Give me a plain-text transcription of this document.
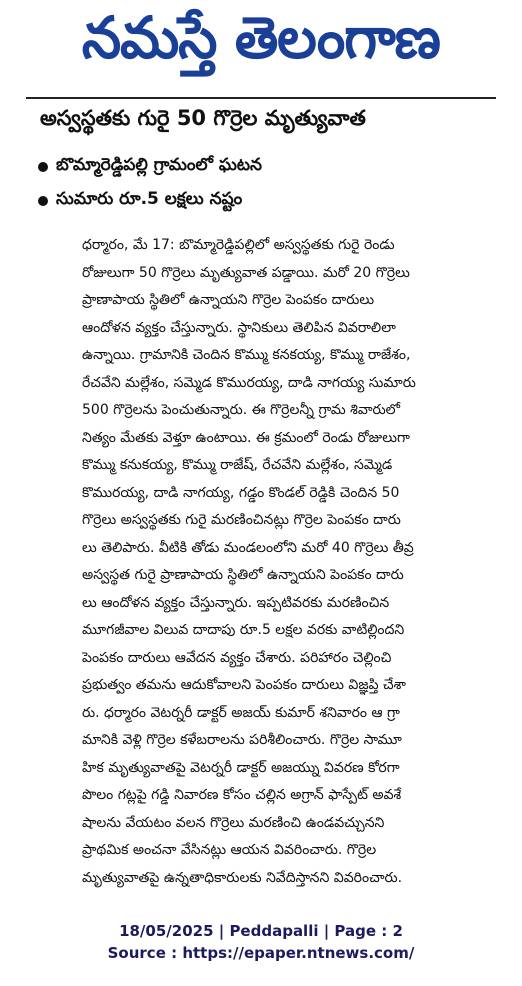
నమస్తే తెలంగాణ
అస్వస్థతకు గురై 50 గొర్రెల మృత్యువాత
బొమ్మారెడ్డిపల్లి గ్రామంలో ఘటన
సుమారు రూ.5 లక్షలు నష్టం
ధర్మారం, మే 17: బొమ్మారెడ్డిపల్లిలో అస్వస్థతకు గురై రెండు
రోజులుగా 50 గొర్రెలు మృత్యువాత పడ్డాయి. మరో 20 గొర్రెలు
ప్రాణాపాయ స్థితిలో ఉన్నాయని గొర్రెల పెంపకం దారులు
ఆందోళన వ్యక్తం చేస్తున్నారు. స్థానికులు తెలిపిన వివరాలిలా
ఉన్నాయి. గ్రామానికి చెందిన కొమ్ము కనకయ్య, కొమ్ము రాజేశం,
రేచవేని మల్లేశం, సమ్మెడ కొమురయ్య, దాడి నాగయ్య సుమారు
500 గొర్రెలను పెంచుతున్నారు. ఈ గొర్రెలన్నీ గ్రామ శివారులో
నిత్యం మేతకు వెళ్తూ ఉంటాయి. ఈ క్రమంలో రెండు రోజులుగా
కొమ్ము కనుకయ్య, కొమ్ము రాజేష్, రేచవేని మల్లేశం, సమ్మెడ
కొమురయ్య, దాడి నాగయ్య, గడ్డం కొండల్ రెడ్డికి చెందిన 50
గొర్రెలు అస్వస్థతకు గురై మరణించినట్లు గొర్రెల పెంపకం దారు
లు తెలిపారు. వీటికి తోడు మండలంలోని మరో 40 గొర్రెలు తీవ్ర
అస్వస్థత గురై ప్రాణాపాయ స్థితిలో ఉన్నాయని పెంపకం దారు
లు ఆందోళన వ్యక్తం చేస్తున్నారు. ఇప్పటివరకు మరణించిన
మూగజీవాల విలువ దాదాపు రూ.5 లక్షల వరకు వాటిల్లిందని
పెంపకం దారులు ఆవేదన వ్యక్తం చేశారు. పరిహారం చెల్లించి
ప్రభుత్వం తమను ఆదుకోవాలని పెంపకం దారులు విజ్ఞప్తి చేశా
రు. ధర్మారం వెటర్నరీ డాక్టర్ అజయ్ కుమార్ శనివారం ఆ గ్రా
మానికి వెళ్లి గొర్రెల కళేబరాలను పరిశీలించారు. గొర్రెల సామూ
హిక మృత్యువాతపై వెటర్నరీ డాక్టర్ అజయ్ను వివరణ కోరగా
పొలం గట్లపై గడ్డి నివారణ కోసం చల్లిన అగ్రాన్ ఫాస్పేట్ అవశే
షాలను వేయటం వలన గొర్రెలు మరణించి ఉండవచ్చునని
ప్రాథమిక అంచనా వేసినట్లు ఆయన వివరించారు. గొర్రెల
మృత్యువాతపై ఉన్నతాధికారులకు నివేదిస్తానని వివరించారు.
18/05/2025 | Peddapalli | Page : 2
Source : https://epaper.ntnews.com/
